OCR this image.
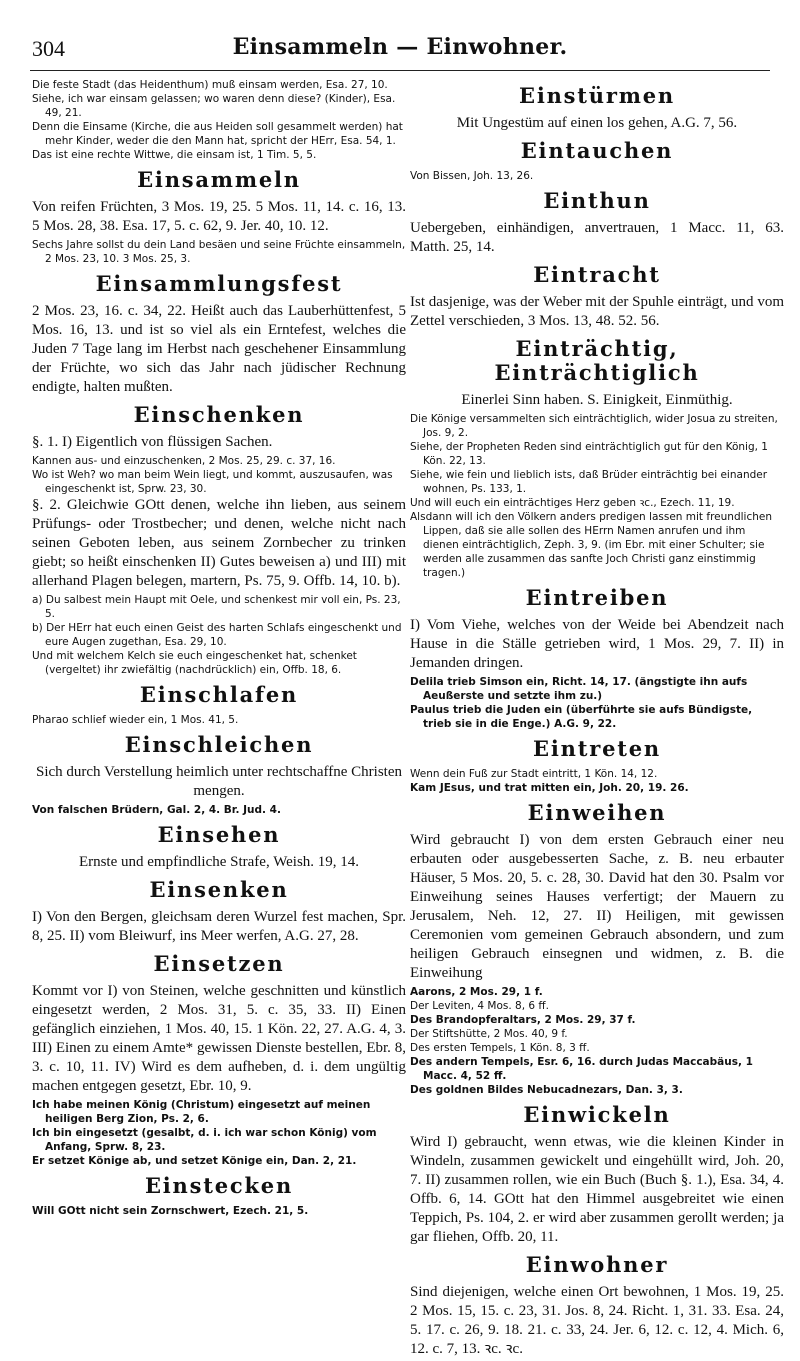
304	Einsammeln — Einwohner.

Die feste Stadt (das Heidenthum) muß einsam werden, Esa. 27, 10.

Siehe, ich war einsam gelassen; wo waren denn diese? (Kinder), Esa. 49, 21.

Denn die Einsame (Kirche, die aus Heiden soll gesammelt werden) hat mehr Kinder, weder die den Mann hat, spricht der HErr, Esa. 54, 1.

Das ist eine rechte Wittwe, die einsam ist, 1 Tim. 5, 5.

Einsammeln

Von reifen Früchten, 3 Mos. 19, 25. 5 Mos. 11, 14. c. 16, 13. 5 Mos. 28, 38. Esa. 17, 5. c. 62, 9. Jer. 40, 10. 12.

Sechs Jahre sollst du dein Land besäen und seine Früchte einsammeln, 2 Mos. 23, 10. 3 Mos. 25, 3.

Einsammlungsfest

2 Mos. 23, 16. c. 34, 22. Heißt auch das Lauberhüttenfest, 5 Mos. 16, 13. und ist so viel als ein Erntefest, welches die Juden 7 Tage lang im Herbst nach geschehener Einsammlung der Früchte, wo sich das Jahr nach jüdischer Rechnung endigte, halten mußten.

Einschenken

§. 1. I) Eigentlich von flüssigen Sachen.

Kannen aus- und einzuschenken, 2 Mos. 25, 29. c. 37, 16.

Wo ist Weh? wo man beim Wein liegt, und kommt, auszusaufen, was eingeschenkt ist, Sprw. 23, 30.

§. 2. Gleichwie GOtt denen, welche ihn lieben, aus seinem Prüfungs- oder Trostbecher; und denen, welche nicht nach seinen Geboten leben, aus seinem Zornbecher zu trinken giebt; so heißt einschenken II) Gutes beweisen a) und III) mit allerhand Plagen belegen, martern, Ps. 75, 9. Offb. 14, 10. b).

a) Du salbest mein Haupt mit Oele, und schenkest mir voll ein, Ps. 23, 5.

b) Der HErr hat euch einen Geist des harten Schlafs eingeschenkt und eure Augen zugethan, Esa. 29, 10.

Und mit welchem Kelch sie euch eingeschenket hat, schenket (vergeltet) ihr zwiefältig (nachdrücklich) ein, Offb. 18, 6.

Einschlafen

Pharao schlief wieder ein, 1 Mos. 41, 5.

Einschleichen

Sich durch Verstellung heimlich unter rechtschaffne Christen mengen.

Von falschen Brüdern, Gal. 2, 4. Br. Jud. 4.

Einsehen

Ernste und empfindliche Strafe, Weish. 19, 14.

Einsenken

I) Von den Bergen, gleichsam deren Wurzel fest machen, Spr. 8, 25. II) vom Bleiwurf, ins Meer werfen, A.G. 27, 28.

Einsetzen

Kommt vor I) von Steinen, welche geschnitten und künstlich eingesetzt werden, 2 Mos. 31, 5. c. 35, 33. II) Einen gefänglich einziehen, 1 Mos. 40, 15. 1 Kön. 22, 27. A.G. 4, 3. III) Einen zu einem Amte* gewissen Dienste bestellen, Ebr. 8, 3. c. 10, 11. IV) Wird es dem aufheben, d. i. dem ungültig machen entgegen gesetzt, Ebr. 10, 9.

Ich habe meinen König (Christum) eingesetzt auf meinen heiligen Berg Zion, Ps. 2, 6.

Ich bin eingesetzt (gesalbt, d. i. ich war schon König) vom Anfang, Sprw. 8, 23.

Er setzet Könige ab, und setzet Könige ein, Dan. 2, 21.

Einstecken

Will GOtt nicht sein Zornschwert, Ezech. 21, 5.

Einstürmen

Mit Ungestüm auf einen los gehen, A.G. 7, 56.

Eintauchen

Von Bissen, Joh. 13, 26.

Einthun

Uebergeben, einhändigen, anvertrauen, 1 Macc. 11, 63. Matth. 25, 14.

Eintracht

Ist dasjenige, was der Weber mit der Spuhle einträgt, und vom Zettel verschieden, 3 Mos. 13, 48. 52. 56.

Einträchtig, Einträchtiglich

Einerlei Sinn haben. S. Einigkeit, Einmüthig.

Die Könige versammelten sich einträchtiglich, wider Josua zu streiten, Jos. 9, 2.

Siehe, der Propheten Reden sind einträchtiglich gut für den König, 1 Kön. 22, 13.

Siehe, wie fein und lieblich ists, daß Brüder einträchtig bei einander wohnen, Ps. 133, 1.

Und will euch ein einträchtiges Herz geben ꝛc., Ezech. 11, 19.

Alsdann will ich den Völkern anders predigen lassen mit freundlichen Lippen, daß sie alle sollen des HErrn Namen anrufen und ihm dienen einträchtiglich, Zeph. 3, 9. (im Ebr. mit einer Schulter; sie werden alle zusammen das sanfte Joch Christi ganz einstimmig tragen.)

Eintreiben

I) Vom Viehe, welches von der Weide bei Abendzeit nach Hause in die Ställe getrieben wird, 1 Mos. 29, 7. II) in Jemanden dringen.

Delila trieb Simson ein, Richt. 14, 17. (ängstigte ihn aufs Aeußerste und setzte ihm zu.)

Paulus trieb die Juden ein (überführte sie aufs Bündigste, trieb sie in die Enge.) A.G. 9, 22.

Eintreten

Wenn dein Fuß zur Stadt eintritt, 1 Kön. 14, 12.

Kam JEsus, und trat mitten ein, Joh. 20, 19. 26.

Einweihen

Wird gebraucht I) von dem ersten Gebrauch einer neu erbauten oder ausgebesserten Sache, z. B. neu erbauter Häuser, 5 Mos. 20, 5. c. 28, 30. David hat den 30. Psalm vor Einweihung seines Hauses verfertigt; der Mauern zu Jerusalem, Neh. 12, 27. II) Heiligen, mit gewissen Ceremonien vom gemeinen Gebrauch absondern, und zum heiligen Gebrauch einsegnen und widmen, z. B. die Einweihung

Aarons, 2 Mos. 29, 1 f.

Der Leviten, 4 Mos. 8, 6 ff.

Des Brandopferaltars, 2 Mos. 29, 37 f.

Der Stiftshütte, 2 Mos. 40, 9 f.

Des ersten Tempels, 1 Kön. 8, 3 ff.

Des andern Tempels, Esr. 6, 16. durch Judas Maccabäus, 1 Macc. 4, 52 ff.

Des goldnen Bildes Nebucadnezars, Dan. 3, 3.

Einwickeln

Wird I) gebraucht, wenn etwas, wie die kleinen Kinder in Windeln, zusammen gewickelt und eingehüllt wird, Joh. 20, 7. II) zusammen rollen, wie ein Buch (Buch §. 1.), Esa. 34, 4. Offb. 6, 14. GOtt hat den Himmel ausgebreitet wie einen Teppich, Ps. 104, 2. er wird aber zusammen gerollt werden; ja gar fliehen, Offb. 20, 11.

Einwohner

Sind diejenigen, welche einen Ort bewohnen, 1 Mos. 19, 25. 2 Mos. 15, 15. c. 23, 31. Jos. 8, 24. Richt. 1, 31. 33. Esa. 24, 5. 17. c. 26, 9. 18. 21. c. 33, 24. Jer. 6, 12. c. 12, 4. Mich. 6, 12. c. 7, 13. ꝛc. ꝛc.
